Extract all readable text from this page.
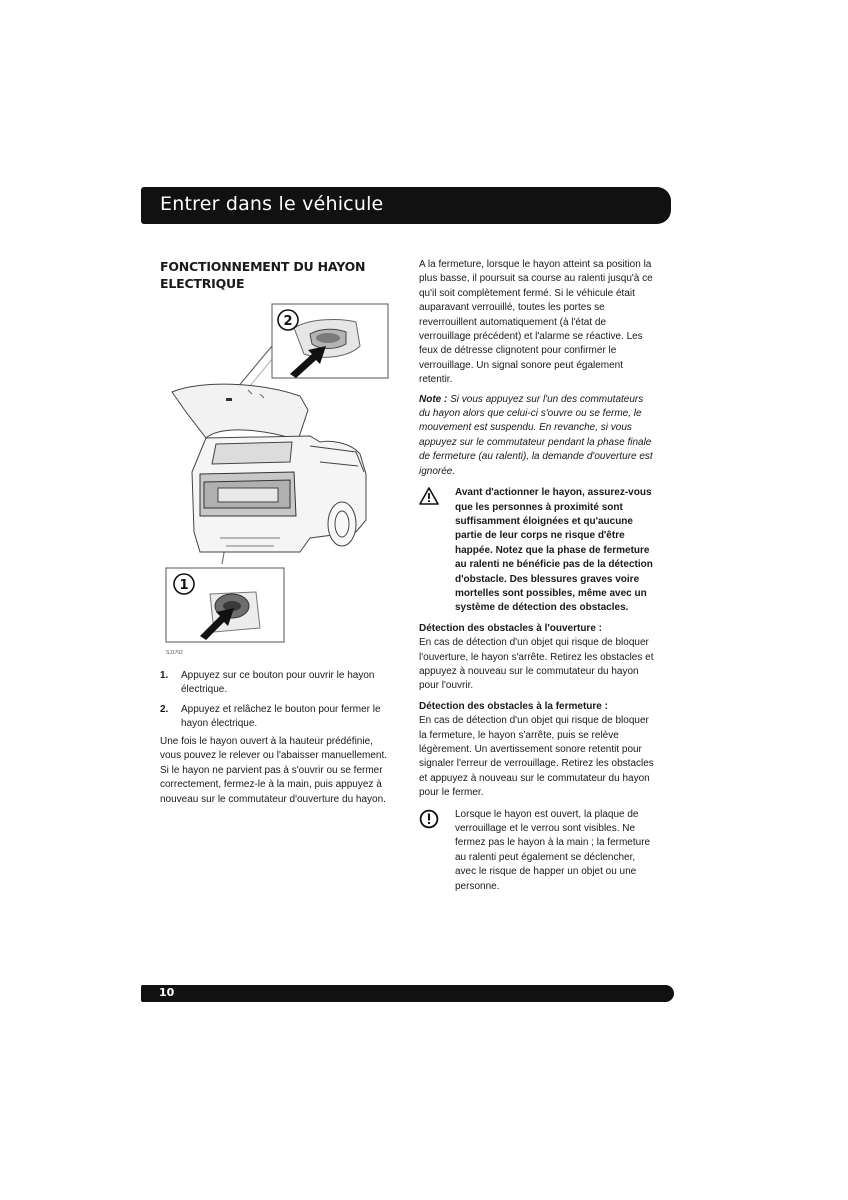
Entrer dans le véhicule
FONCTIONNEMENT DU HAYON ELECTRIQUE
2
1
SJ1702
1.	Appuyez sur ce bouton pour ouvrir le hayon électrique.
2.	Appuyez et relâchez le bouton pour fermer le hayon électrique.

Une fois le hayon ouvert à la hauteur prédéfinie, vous pouvez le relever ou l'abaisser manuellement. Si le hayon ne parvient pas à s'ouvrir ou se fermer correctement, fermez-le à la main, puis appuyez à nouveau sur le commutateur d'ouverture du hayon.

A la fermeture, lorsque le hayon atteint sa position la plus basse, il poursuit sa course au ralenti jusqu'à ce qu'il soit complètement fermé. Si le véhicule était auparavant verrouillé, toutes les portes se reverrouillent automatiquement (à l'état de verrouillage précédent) et l'alarme se réactive. Les feux de détresse clignotent pour confirmer le verrouillage. Un signal sonore peut également retentir.

Note : Si vous appuyez sur l'un des commutateurs du hayon alors que celui-ci s'ouvre ou se ferme, le mouvement est suspendu. En revanche, si vous appuyez sur le commutateur pendant la phase finale de fermeture (au ralenti), la demande d'ouverture est ignorée.

Avant d'actionner le hayon, assurez-vous que les personnes à proximité sont suffisamment éloignées et qu'aucune partie de leur corps ne risque d'être happée. Notez que la phase de fermeture au ralenti ne bénéficie pas de la détection d'obstacle. Des blessures graves voire mortelles sont possibles, même avec un système de détection des obstacles.

Détection des obstacles à l'ouverture :

En cas de détection d'un objet qui risque de bloquer l'ouverture, le hayon s'arrête. Retirez les obstacles et appuyez à nouveau sur le commutateur du hayon pour l'ouvrir.

Détection des obstacles à la fermeture :

En cas de détection d'un objet qui risque de bloquer la fermeture, le hayon s'arrête, puis se relève légèrement. Un avertissement sonore retentit pour signaler l'erreur de verrouillage. Retirez les obstacles et appuyez à nouveau sur le commutateur du hayon pour le fermer.

Lorsque le hayon est ouvert, la plaque de verrouillage et le verrou sont visibles. Ne fermez pas le hayon à la main ; la fermeture au ralenti peut également se déclencher, avec le risque de happer un objet ou une personne.

10
